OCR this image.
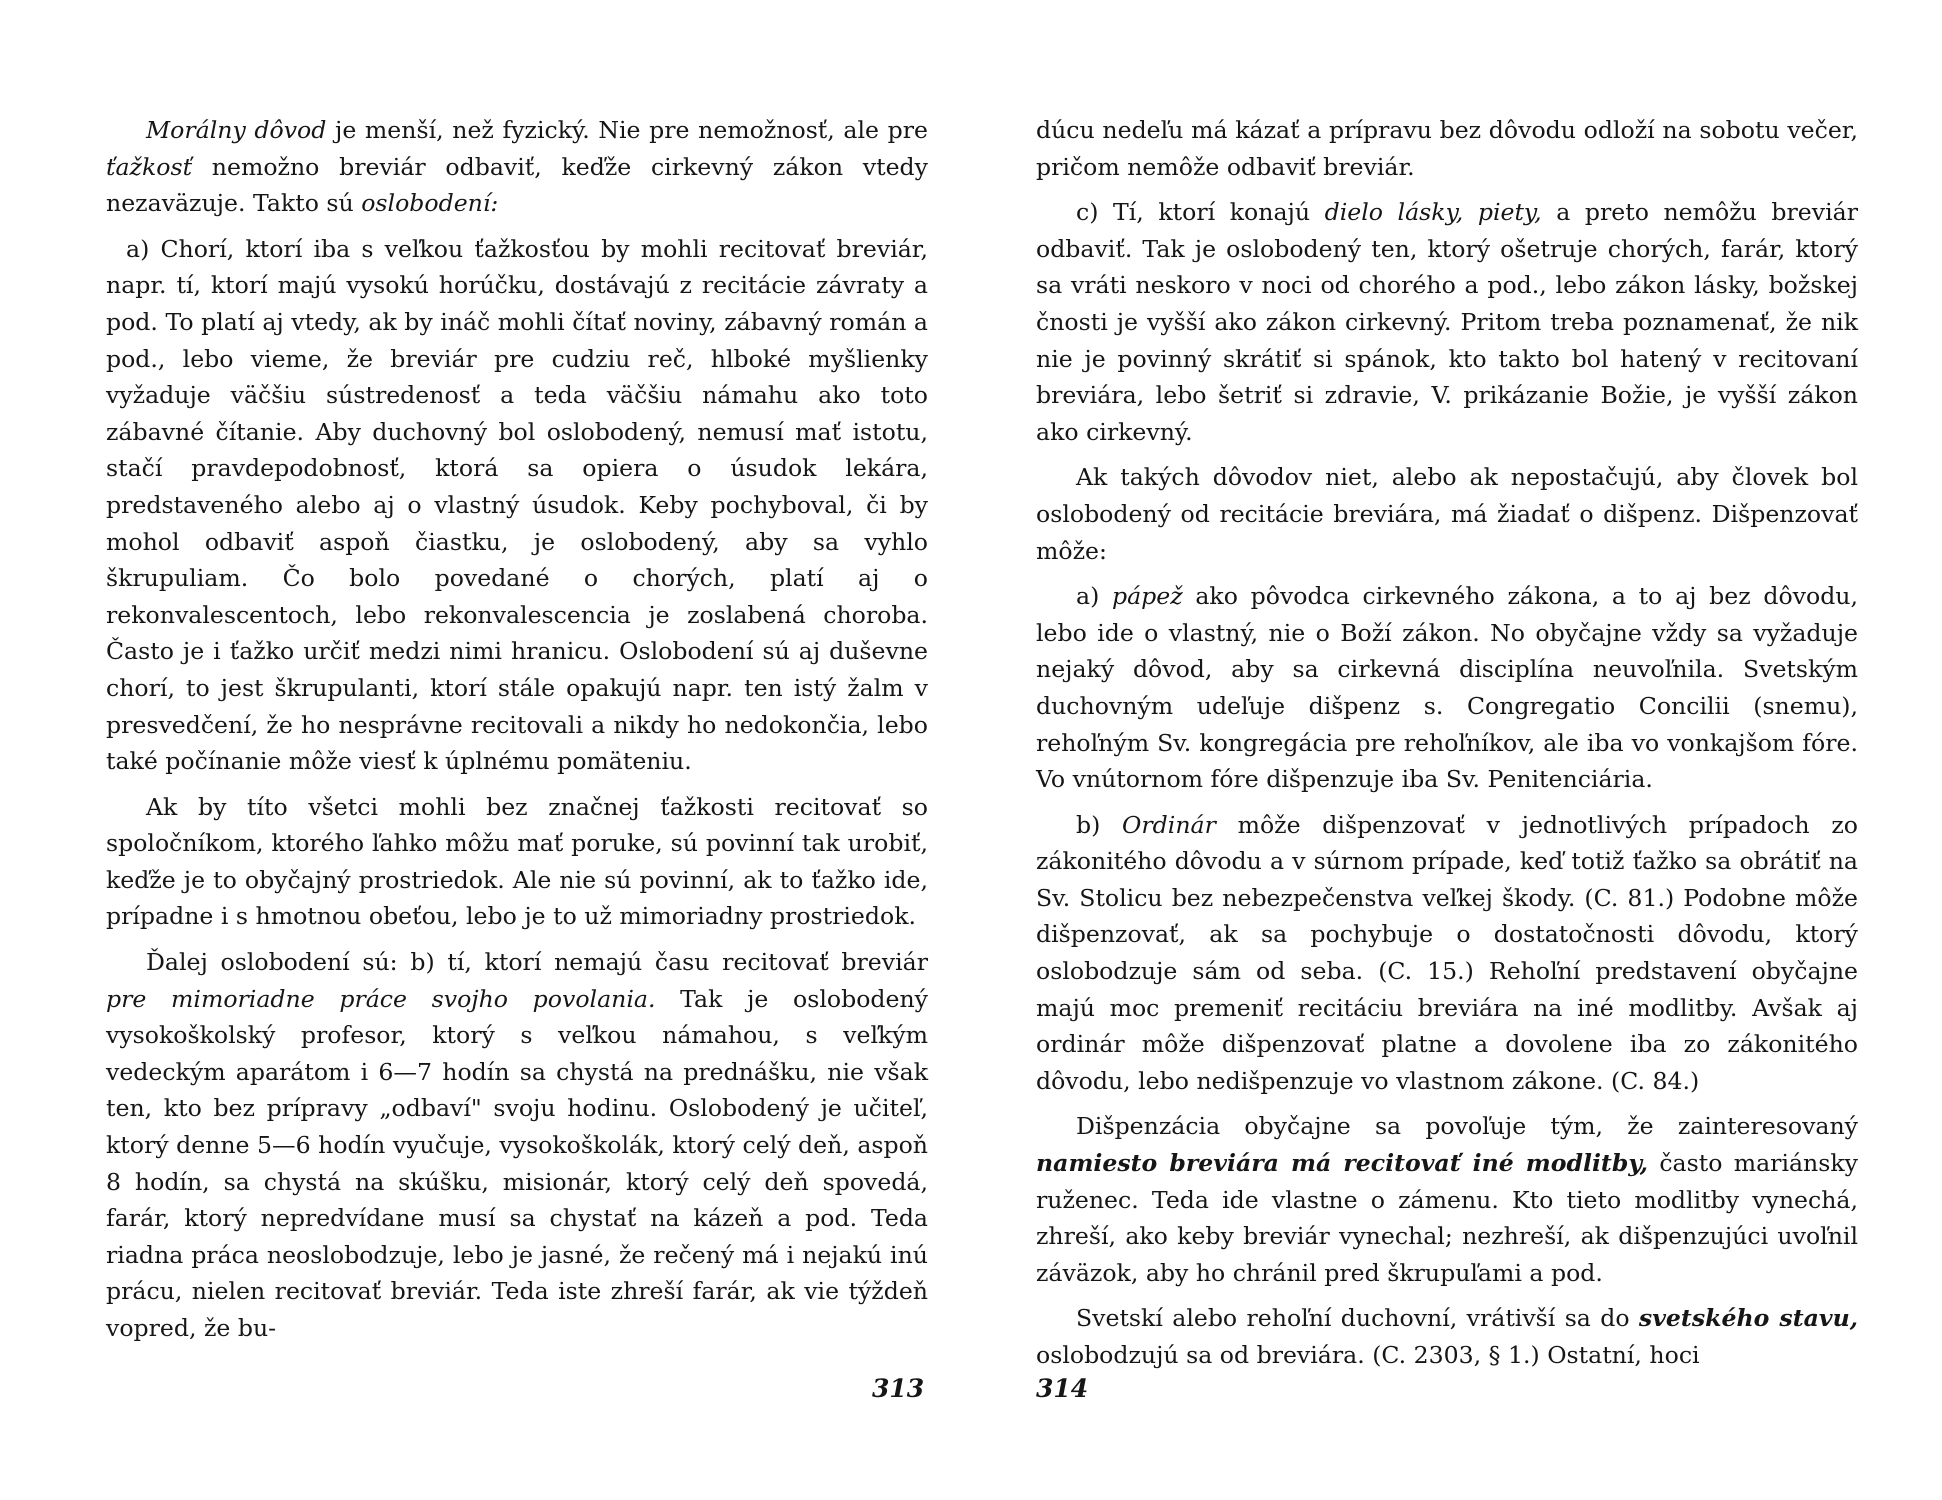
Morálny dôvod je menší, než fyzický. Nie pre nemožnosť, ale pre ťažkosť nemožno breviár odbaviť, keďže cirkevný zákon vtedy nezaväzuje. Takto sú oslobodení:

a) Chorí, ktorí iba s veľkou ťažkosťou by mohli recitovať breviár, napr. tí, ktorí majú vysokú horúčku, dostávajú z recitácie závraty a pod. To platí aj vtedy, ak by ináč mohli čítať noviny, zábavný román a pod., lebo vieme, že breviár pre cudziu reč, hlboké myšlienky vyžaduje väčšiu sústredenosť a teda väčšiu námahu ako toto zábavné čítanie. Aby duchovný bol oslobodený, nemusí mať istotu, stačí pravdepodobnosť, ktorá sa opiera o úsudok lekára, predstaveného alebo aj o vlastný úsudok. Keby pochyboval, či by mohol odbaviť aspoň čiastku, je oslobodený, aby sa vyhlo škrupuliam. Čo bolo povedané o chorých, platí aj o rekonvalescentoch, lebo rekonvalescencia je zoslabená choroba. Často je i ťažko určiť medzi nimi hranicu. Oslobodení sú aj duševne chorí, to jest škrupulanti, ktorí stále opakujú napr. ten istý žalm v presvedčení, že ho nesprávne recitovali a nikdy ho nedokončia, lebo také počínanie môže viesť k úplnému pomäteniu.

Ak by títo všetci mohli bez značnej ťažkosti recitovať so spoločníkom, ktorého ľahko môžu mať poruke, sú povinní tak urobiť, keďže je to obyčajný prostriedok. Ale nie sú povinní, ak to ťažko ide, prípadne i s hmotnou obeťou, lebo je to už mimoriadny prostriedok.

Ďalej oslobodení sú: b) tí, ktorí nemajú času recitovať breviár pre mimoriadne práce svojho povolania. Tak je oslobodený vysokoškolský profesor, ktorý s veľkou námahou, s veľkým vedeckým aparátom i 6—7 hodín sa chystá na prednášku, nie však ten, kto bez prípravy „odbaví" svoju hodinu. Oslobodený je učiteľ, ktorý denne 5—6 hodín vyučuje, vysokoškolák, ktorý celý deň, aspoň 8 hodín, sa chystá na skúšku, misionár, ktorý celý deň spovedá, farár, ktorý nepredvídane musí sa chystať na kázeň a pod. Teda riadna práca neoslobodzuje, lebo je jasné, že rečený má i nejakú inú prácu, nielen recitovať breviár. Teda iste zhreší farár, ak vie týždeň vopred, že bu-

dúcu nedeľu má kázať a prípravu bez dôvodu odloží na sobotu večer, pričom nemôže odbaviť breviár.

c) Tí, ktorí konajú dielo lásky, piety, a preto nemôžu breviár odbaviť. Tak je oslobodený ten, ktorý ošetruje chorých, farár, ktorý sa vráti neskoro v noci od chorého a pod., lebo zákon lásky, božskej čnosti je vyšší ako zákon cirkevný. Pritom treba poznamenať, že nik nie je povinný skrátiť si spánok, kto takto bol hatený v recitovaní breviára, lebo šetriť si zdravie, V. prikázanie Božie, je vyšší zákon ako cirkevný.

Ak takých dôvodov niet, alebo ak nepostačujú, aby človek bol oslobodený od recitácie breviára, má žiadať o dišpenz. Dišpenzovať môže:

a) pápež ako pôvodca cirkevného zákona, a to aj bez dôvodu, lebo ide o vlastný, nie o Boží zákon. No obyčajne vždy sa vyžaduje nejaký dôvod, aby sa cirkevná disciplína neuvoľnila. Svetským duchovným udeľuje dišpenz s. Congregatio Concilii (snemu), rehoľným Sv. kongregácia pre rehoľníkov, ale iba vo vonkajšom fóre. Vo vnútornom fóre dišpenzuje iba Sv. Penitenciária.

b) Ordinár môže dišpenzovať v jednotlivých prípadoch zo zákonitého dôvodu a v súrnom prípade, keď totiž ťažko sa obrátiť na Sv. Stolicu bez nebezpečenstva veľkej škody. (C. 81.) Podobne môže dišpenzovať, ak sa pochybuje o dostatočnosti dôvodu, ktorý oslobodzuje sám od seba. (C. 15.) Rehoľní predstavení obyčajne majú moc premeniť recitáciu breviára na iné modlitby. Avšak aj ordinár môže dišpenzovať platne a dovolene iba zo zákonitého dôvodu, lebo nedišpenzuje vo vlastnom zákone. (C. 84.)

Dišpenzácia obyčajne sa povoľuje tým, že zainteresovaný namiesto breviára má recitovať iné modlitby, často mariánsky ruženec. Teda ide vlastne o zámenu. Kto tieto modlitby vynechá, zhreší, ako keby breviár vynechal; nezhreší, ak dišpenzujúci uvoľnil záväzok, aby ho chránil pred škrupuľami a pod.

Svetskí alebo rehoľní duchovní, vrátivší sa do svetského stavu, oslobodzujú sa od breviára. (C. 2303, § 1.) Ostatní, hoci

313	314
